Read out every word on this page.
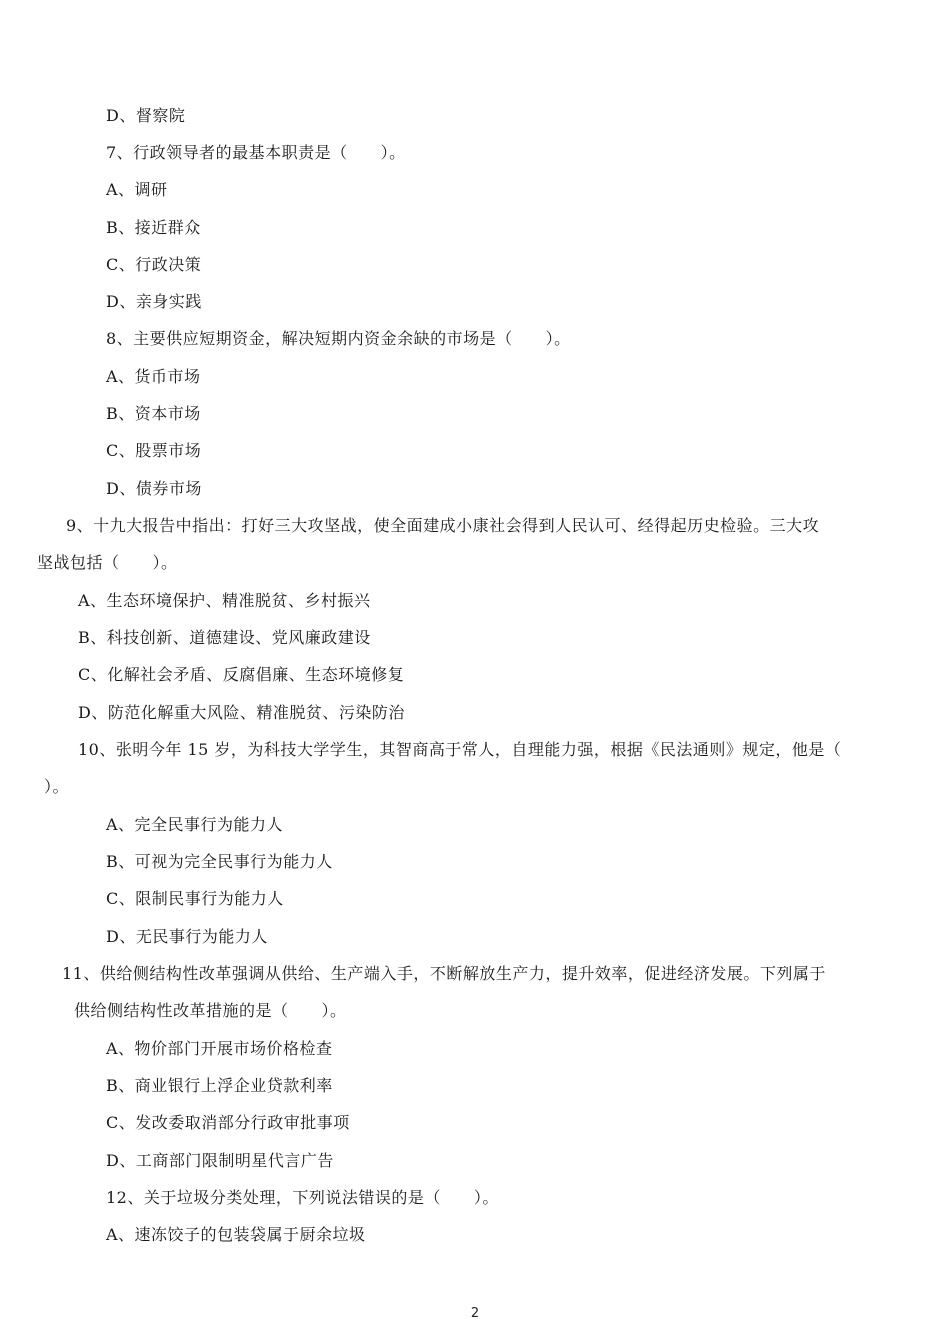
D、督察院
7、行政领导者的最基本职责是（　　）。
A、调研
B、接近群众
C、行政决策
D、亲身实践
8、主要供应短期资金，解决短期内资金余缺的市场是（　　）。
A、货币市场
B、资本市场
C、股票市场
D、债券市场
9、十九大报告中指出：打好三大攻坚战，使全面建成小康社会得到人民认可、经得起历史检验。三大攻
坚战包括（　　）。
A、生态环境保护、精准脱贫、乡村振兴
B、科技创新、道德建设、党风廉政建设
C、化解社会矛盾、反腐倡廉、生态环境修复
D、防范化解重大风险、精准脱贫、污染防治
10、张明今年 15 岁，为科技大学学生，其智商高于常人，自理能力强，根据《民法通则》规定，他是（
）。
A、完全民事行为能力人
B、可视为完全民事行为能力人
C、限制民事行为能力人
D、无民事行为能力人
11、供给侧结构性改革强调从供给、生产端入手，不断解放生产力，提升效率，促进经济发展。下列属于
供给侧结构性改革措施的是（　　）。
A、物价部门开展市场价格检查
B、商业银行上浮企业贷款利率
C、发改委取消部分行政审批事项
D、工商部门限制明星代言广告
12、关于垃圾分类处理，下列说法错误的是（　　）。
A、速冻饺子的包装袋属于厨余垃圾
2
